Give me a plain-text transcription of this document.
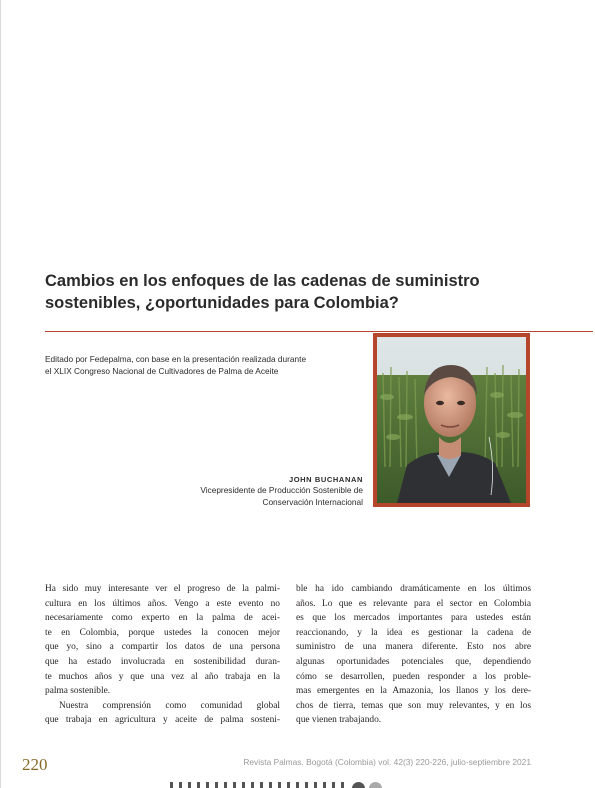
Cambios en los enfoques de las cadenas de suministro
sostenibles, ¿oportunidades para Colombia?
Editado por Fedepalma, con base en la presentación realizada durante
el XLIX Congreso Nacional de Cultivadores de Palma de Aceite
JOHN BUCHANAN
Vicepresidente de Producción Sostenible de
Conservación Internacional
Ha sido muy interesante ver el progreso de la palmi-
cultura en los últimos años. Vengo a este evento no
necesariamente como experto en la palma de acei-
te en Colombia, porque ustedes la conocen mejor
que yo, sino a compartir los datos de una persona
que ha estado involucrada en sostenibilidad duran-
te muchos años y que una vez al año trabaja en la
palma sostenible.
Nuestra comprensión como comunidad global
que trabaja en agricultura y aceite de palma sosteni-
ble ha ido cambiando dramáticamente en los últimos
años. Lo que es relevante para el sector en Colombia
es que los mercados importantes para ustedes están
reaccionando, y la idea es gestionar la cadena de
suministro de una manera diferente. Esto nos abre
algunas oportunidades potenciales que, dependiendo
cómo se desarrollen, pueden responder a los proble-
mas emergentes en la Amazonia, los llanos y los dere-
chos de tierra, temas que son muy relevantes, y en los
que vienen trabajando.
220	Revista Palmas. Bogotá (Colombia) vol. 42(3) 220-226, julio-septiembre 2021
